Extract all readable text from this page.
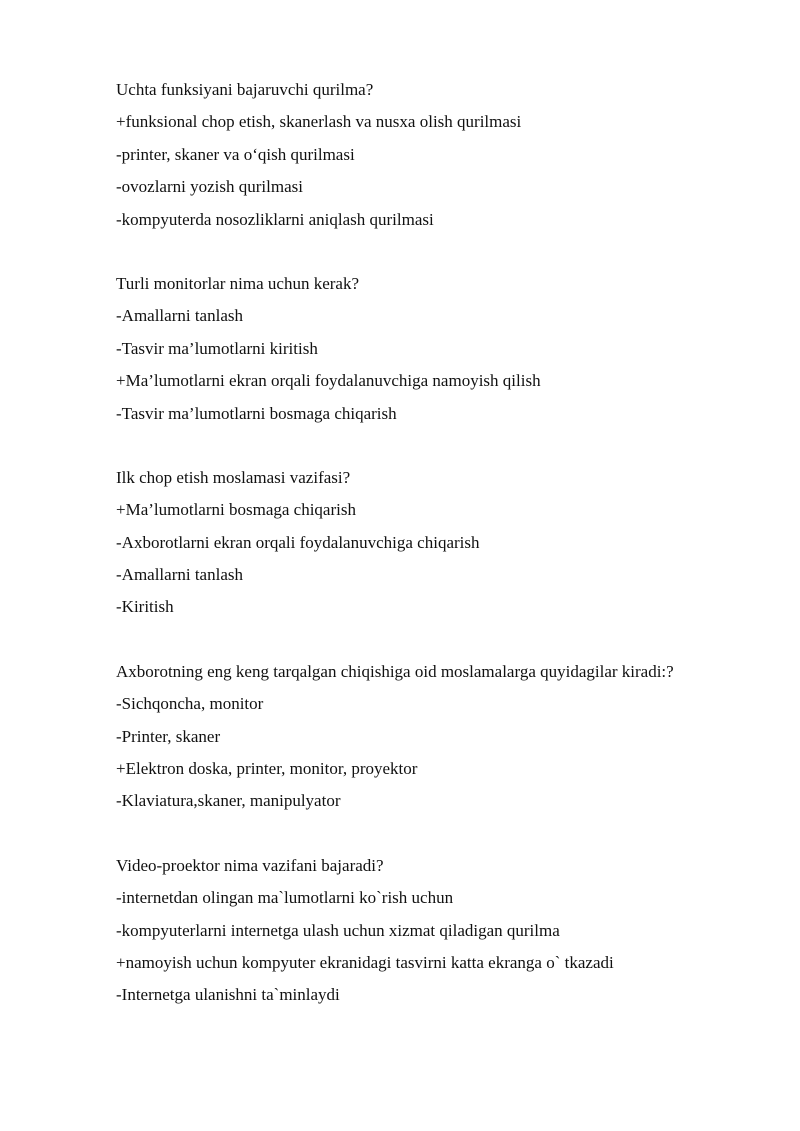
Uchta funksiyani bajaruvchi qurilma?
+funksional chop etish, skanerlash va nusxa olish qurilmasi
-printer, skaner va o‘qish qurilmasi
-ovozlarni yozish qurilmasi
-kompyuterda nosozliklarni aniqlash qurilmasi
Turli monitorlar nima uchun kerak?
-Amallarni tanlash
-Tasvir ma’lumotlarni kiritish
+Ma’lumotlarni ekran orqali foydalanuvchiga namoyish qilish
-Tasvir ma’lumotlarni bosmaga chiqarish
Ilk chop etish moslamasi vazifasi?
+Ma’lumotlarni bosmaga chiqarish
-Axborotlarni ekran orqali foydalanuvchiga chiqarish
-Amallarni tanlash
-Kiritish
Axborotning eng keng tarqalgan chiqishiga oid moslamalarga quyidagilar kiradi:?
-Sichqoncha, monitor
-Printer, skaner
+Elektron doska, printer, monitor, proyektor
-Klaviatura,skaner, manipulyator
Video-proektor nima vazifani bajaradi?
-internetdan olingan ma`lumotlarni ko`rish uchun
-kompyuterlarni internetga ulash uchun xizmat qiladigan qurilma
+namoyish uchun kompyuter ekranidagi tasvirni katta ekranga o` tkazadi
-Internetga ulanishni ta`minlaydi
